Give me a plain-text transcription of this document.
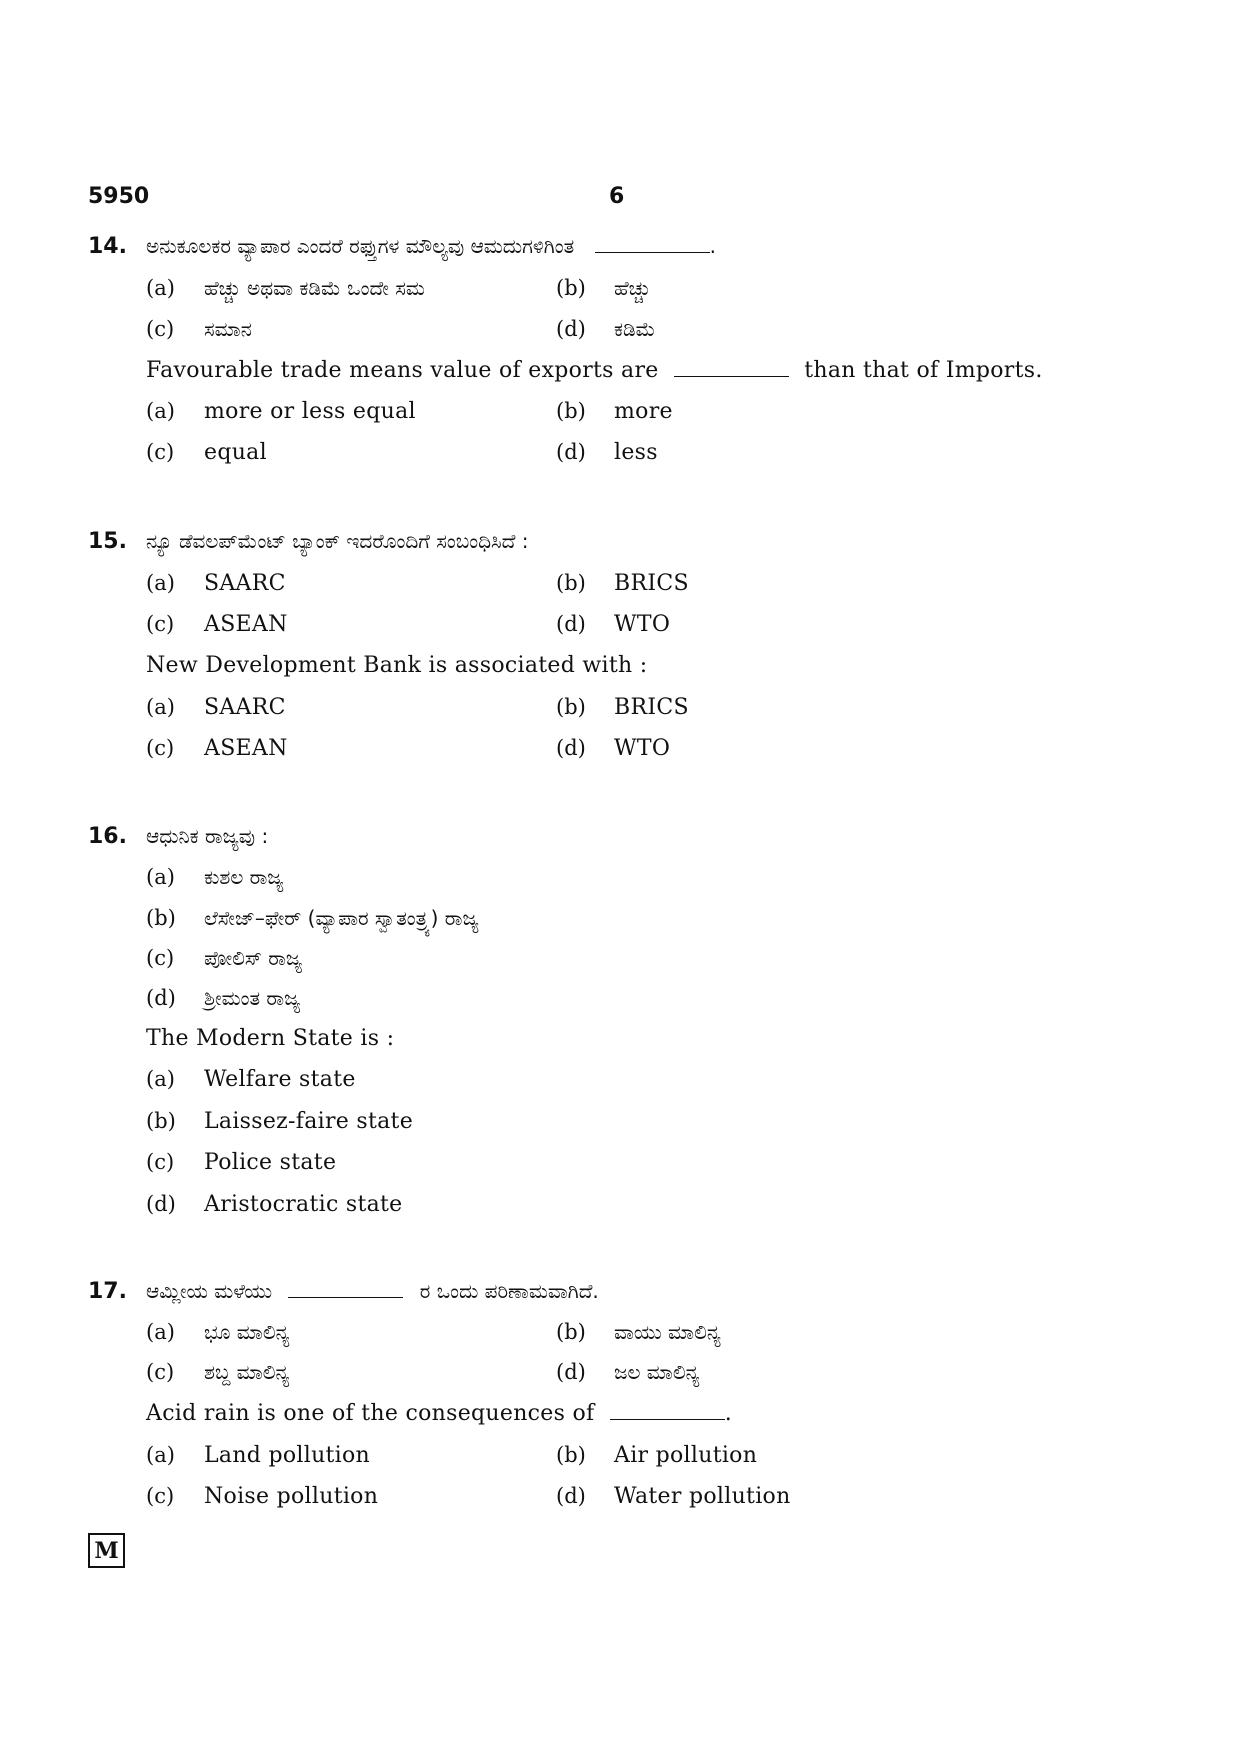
5950	6
14. ಅನುಕೂಲಕರ ವ್ಯಾಪಾರ ಎಂದರೆ ರಫ್ತುಗಳ ಮೌಲ್ಯವು ಆಮದುಗಳಿಗಿಂತ	.
(a) ಹೆಚ್ಚು ಅಥವಾ ಕಡಿಮೆ ಒಂದೇ ಸಮ	(b) ಹೆಚ್ಚು
(c) ಸಮಾನ	(d) ಕಡಿಮೆ
Favourable trade means value of exports are	than that of Imports.
(a) more or less equal	(b) more
(c) equal	(d) less
15. ನ್ಯೂ ಡೆವಲಪ್‌ಮೆಂಟ್ ಬ್ಯಾಂಕ್ ಇದರೊಂದಿಗೆ ಸಂಬಂಧಿಸಿದೆ :
(a) SAARC	(b) BRICS
(c) ASEAN	(d) WTO
New Development Bank is associated with :
(a) SAARC	(b) BRICS
(c) ASEAN	(d) WTO
16. ಆಧುನಿಕ ರಾಜ್ಯವು :
(a) ಕುಶಲ ರಾಜ್ಯ
(b) ಲೆಸೇಜ್–ಫೇರ್ (ವ್ಯಾಪಾರ ಸ್ವಾತಂತ್ರ್ಯ) ರಾಜ್ಯ
(c) ಪೋಲಿಸ್ ರಾಜ್ಯ
(d) ಶ್ರೀಮಂತ ರಾಜ್ಯ
The Modern State is :
(a) Welfare state
(b) Laissez-faire state
(c) Police state
(d) Aristocratic state
17. ಆಮ್ಲೀಯ ಮಳೆಯು	ರ ಒಂದು ಪರಿಣಾಮವಾಗಿದೆ.
(a) ಭೂ ಮಾಲಿನ್ಯ	(b) ವಾಯು ಮಾಲಿನ್ಯ
(c) ಶಬ್ದ ಮಾಲಿನ್ಯ	(d) ಜಲ ಮಾಲಿನ್ಯ
Acid rain is one of the consequences of	.
(a) Land pollution	(b) Air pollution
(c) Noise pollution	(d) Water pollution
M
